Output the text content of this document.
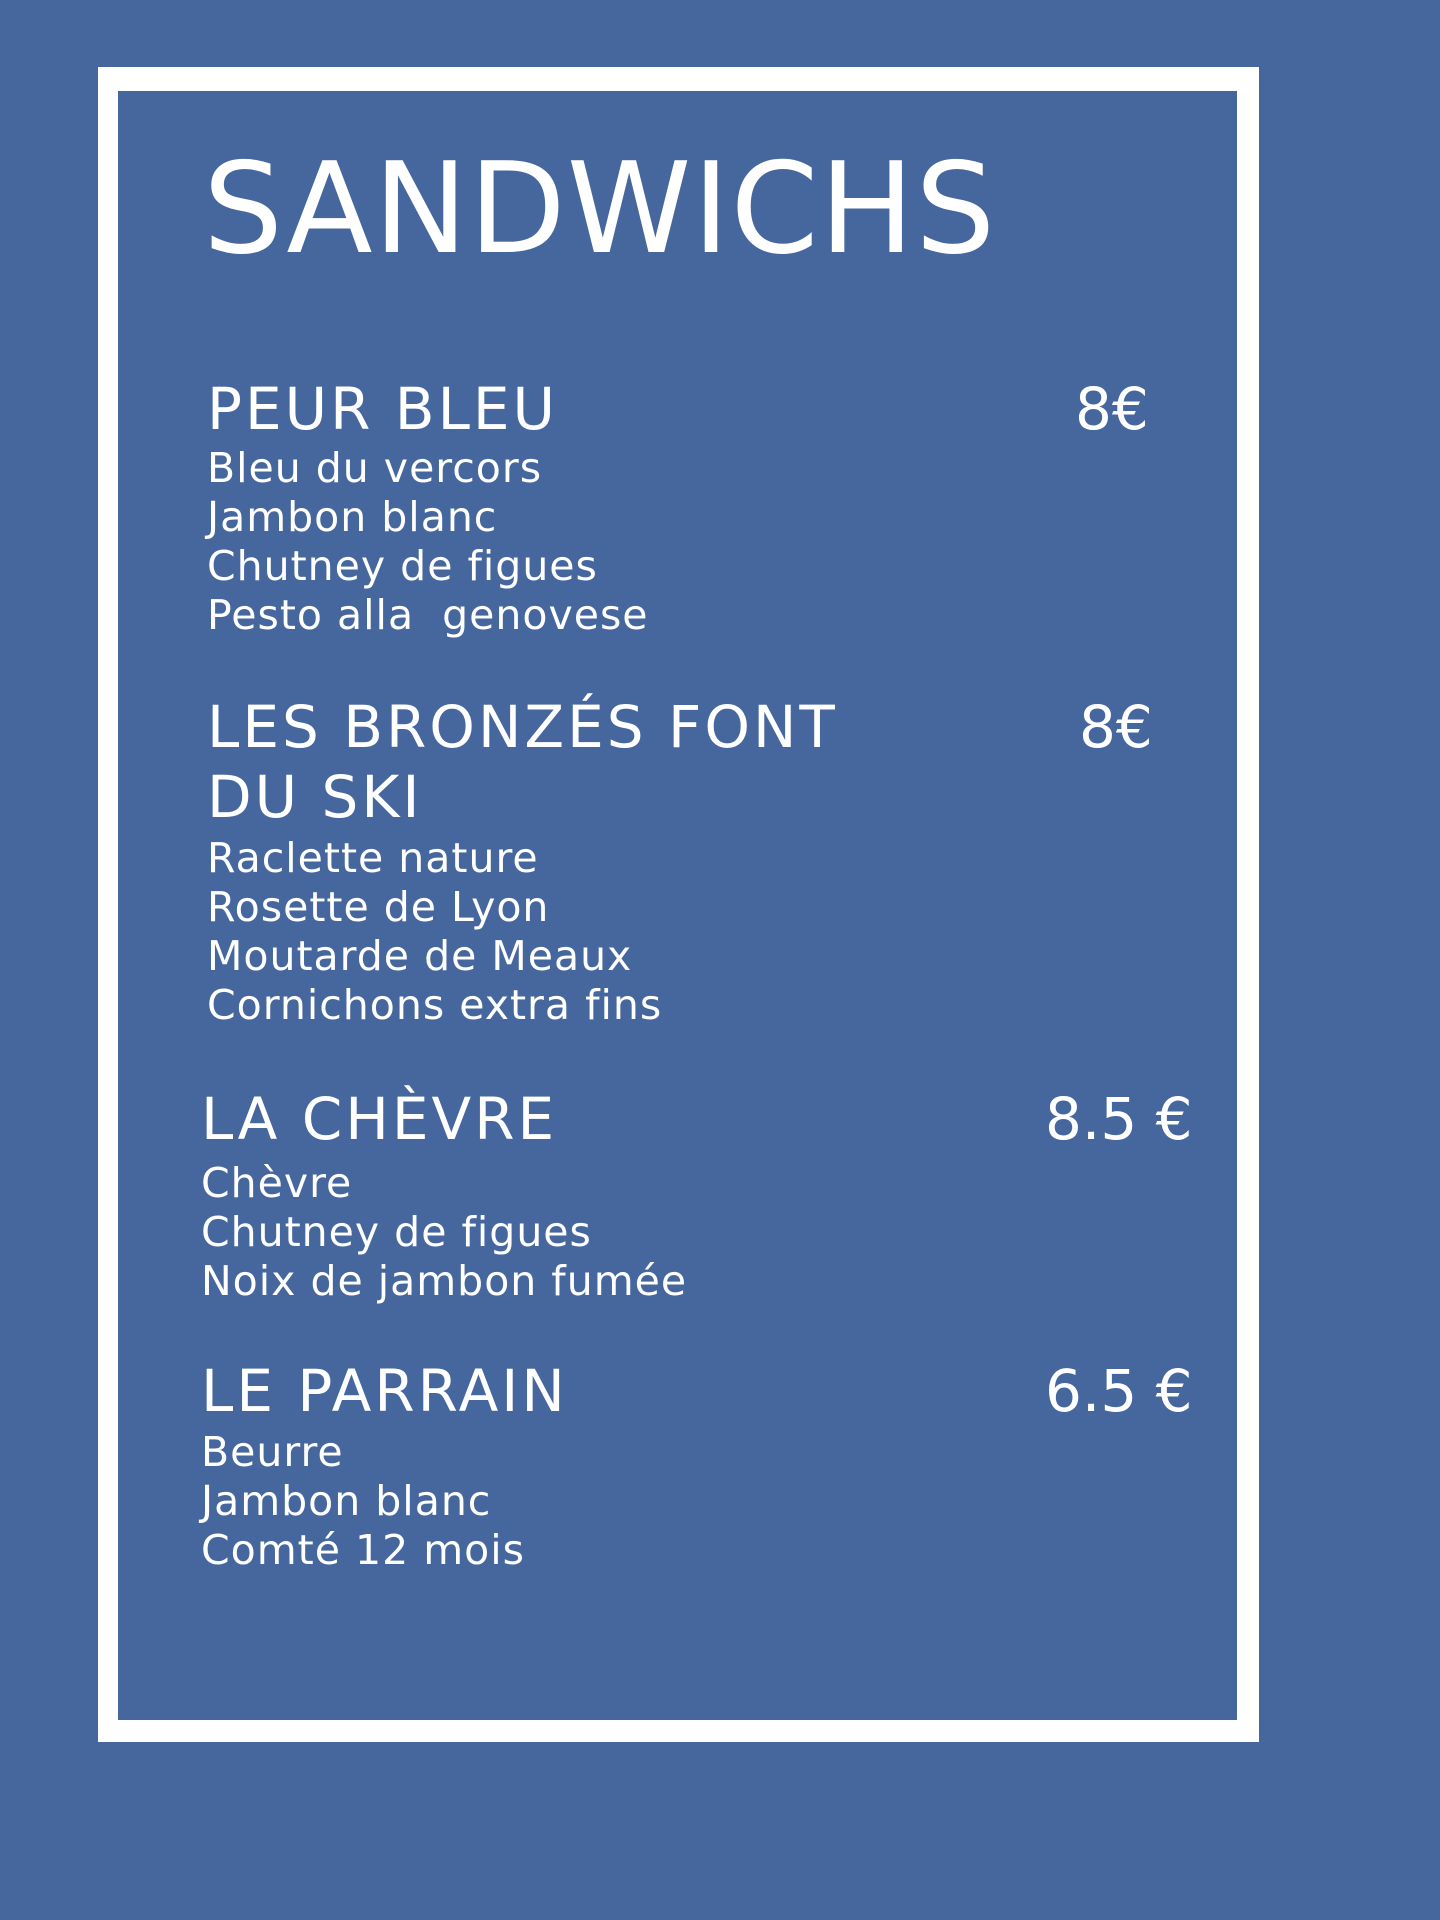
SANDWICHS
PEUR BLEU	8€
Bleu du vercors
Jambon blanc
Chutney de figues
Pesto alla  genovese
LES BRONZÉS FONT
DU SKI
8€
Raclette nature
Rosette de Lyon
Moutarde de Meaux
Cornichons extra fins
LA CHÈVRE	8.5 €
Chèvre
Chutney de figues
Noix de jambon fumée
LE PARRAIN	6.5 €
Beurre
Jambon blanc
Comté 12 mois
